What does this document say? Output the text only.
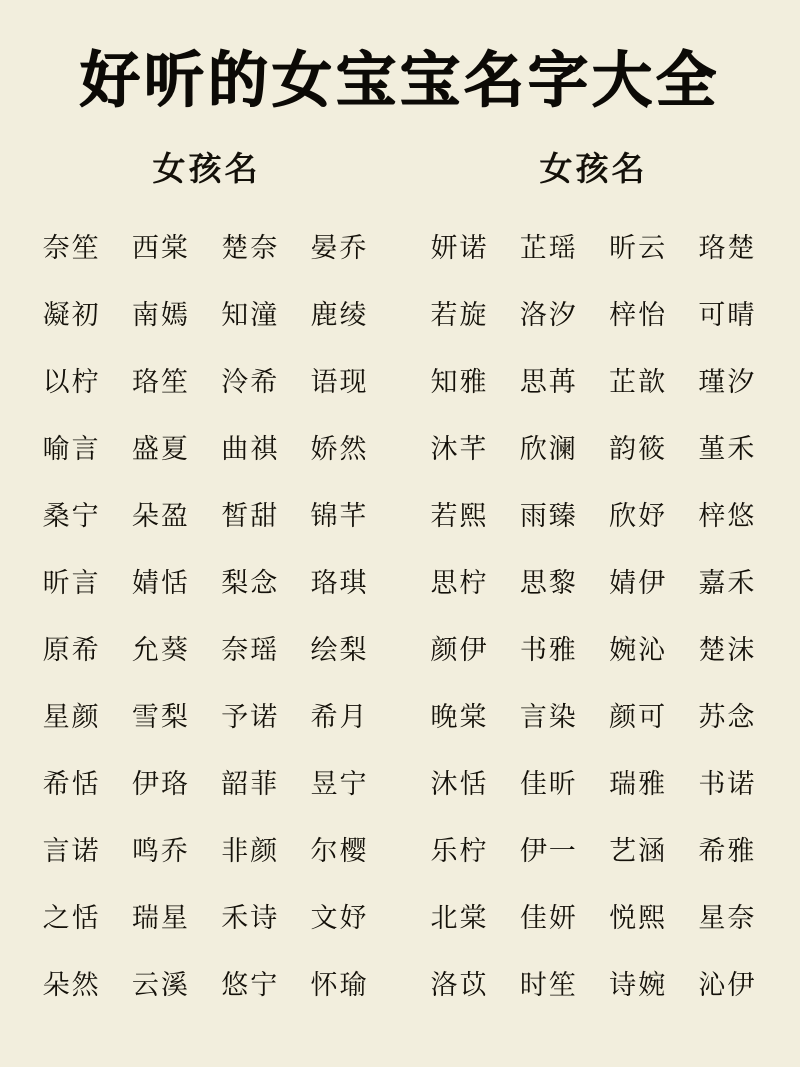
好听的女宝宝名字大全
女孩名
奈笙	西棠	楚奈	晏乔
凝初	南嫣	知潼	鹿绫
以柠	珞笙	泠希	语现
喻言	盛夏	曲祺	娇然
桑宁	朵盈	皙甜	锦芊
昕言	婧恬	梨念	珞琪
原希	允葵	奈瑶	绘梨
星颜	雪梨	予诺	希月
希恬	伊珞	韶菲	昱宁
言诺	鸣乔	非颜	尔樱
之恬	瑞星	禾诗	文妤
朵然	云溪	悠宁	怀瑜
女孩名
妍诺	芷瑶	昕云	珞楚
若旋	洛汐	梓怡	可晴
知雅	思苒	芷歆	瑾汐
沐芊	欣澜	韵筱	堇禾
若熙	雨臻	欣妤	梓悠
思柠	思黎	婧伊	嘉禾
颜伊	书雅	婉沁	楚沫
晚棠	言染	颜可	苏念
沐恬	佳昕	瑞雅	书诺
乐柠	伊一	艺涵	希雅
北棠	佳妍	悦熙	星奈
洛苡	时笙	诗婉	沁伊
